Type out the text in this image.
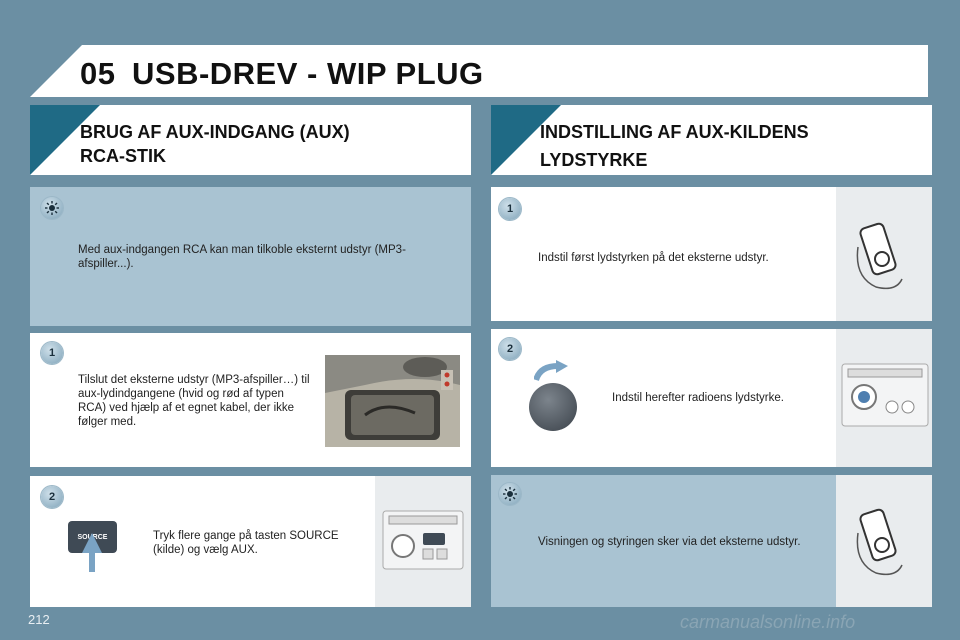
05 USB-DREV - WIP PLUG
BRUG AF AUX-INDGANG (AUX)
RCA-STIK
INDSTILLING AF AUX-KILDENS
LYDSTYRKE
Med aux-indgangen RCA kan man tilkoble eksternt udstyr (MP3-afspiller...).
1
Tilslut det eksterne udstyr (MP3-afspiller…) til aux-lydindgangene (hvid og rød af typen RCA) ved hjælp af et egnet kabel, der ikke følger med.
2
SOURCE	Tryk flere gange på tasten SOURCE (kilde) og vælg AUX.
1
Indstil først lydstyrken på det eksterne udstyr.
2
Indstil herefter radioens lydstyrke.
Visningen og styringen sker via det eksterne udstyr.
212	carmanualsonline.info
